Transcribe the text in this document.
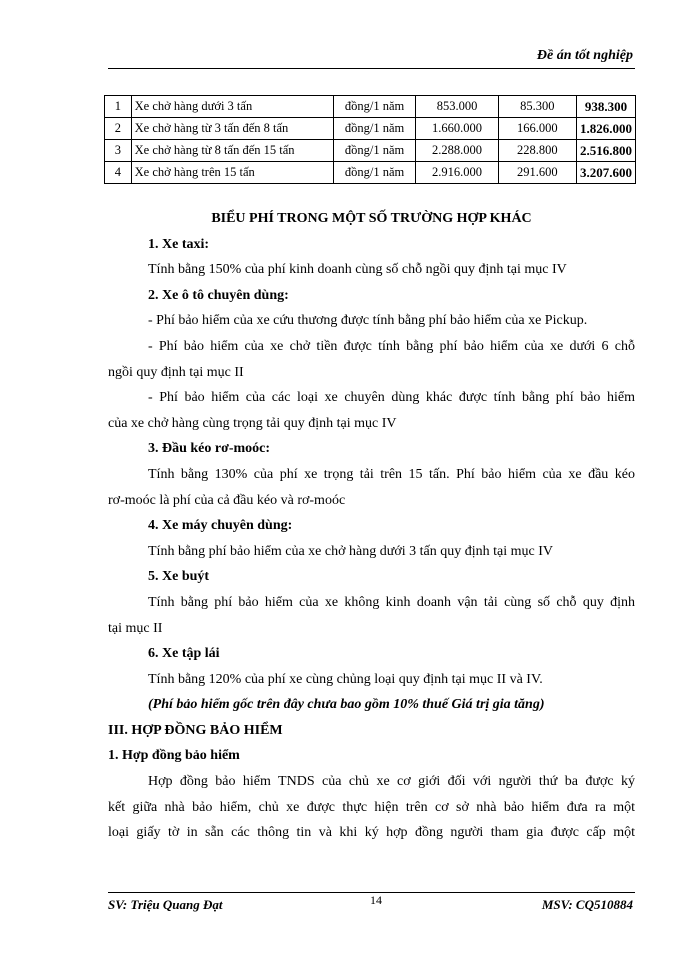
Đề án tốt nghiệp
1	Xe chở hàng dưới 3 tấn	đồng/1 năm	853.000	85.300	938.300
2	Xe chở hàng từ 3 tấn đến 8 tấn	đồng/1 năm	1.660.000	166.000	1.826.000
3	Xe chở hàng từ 8 tấn đến 15 tấn	đồng/1 năm	2.288.000	228.800	2.516.800
4	Xe chở hàng trên 15 tấn	đồng/1 năm	2.916.000	291.600	3.207.600
BIỂU PHÍ TRONG MỘT SỐ TRƯỜNG HỢP KHÁC
1. Xe taxi:
Tính bằng 150% của phí kinh doanh cùng số chỗ ngồi quy định tại mục IV
2. Xe ô tô chuyên dùng:
- Phí bảo hiểm của xe cứu thương được tính bằng phí bảo hiểm của xe Pickup.
- Phí bảo hiểm của xe chở tiền được tính bằng phí bảo hiểm của xe dưới 6 chỗ
ngồi quy định tại mục II
- Phí bảo hiểm của các loại xe chuyên dùng khác được tính bằng phí bảo hiểm
của xe chở hàng cùng trọng tải quy định tại mục IV
3. Đầu kéo rơ-moóc:
Tính bằng 130% của phí xe trọng tải trên 15 tấn. Phí bảo hiểm của xe đầu kéo
rơ-moóc là phí của cả đầu kéo và rơ-moóc
4. Xe máy chuyên dùng:
Tính bằng phí bảo hiểm của xe chở hàng dưới 3 tấn quy định tại mục IV
5. Xe buýt
Tính bằng phí bảo hiểm của xe không kinh doanh vận tải cùng số chỗ quy định
tại mục II
6. Xe tập lái
Tính bằng 120% của phí xe cùng chủng loại quy định tại mục II và IV.
(Phí bảo hiểm gốc trên đây chưa bao gồm 10% thuế Giá trị gia tăng)
III. HỢP ĐỒNG BẢO HIỂM
1. Hợp đồng bảo hiểm
Hợp đồng bảo hiểm TNDS của chủ xe cơ giới đối với người thứ ba được ký
kết giữa nhà bảo hiểm, chủ xe được thực hiện trên cơ sở nhà bảo hiểm đưa ra một
loại giấy tờ in sẵn các thông tin và khi ký hợp đồng người tham gia được cấp một
SV: Triệu Quang Đạt	14	MSV: CQ510884
